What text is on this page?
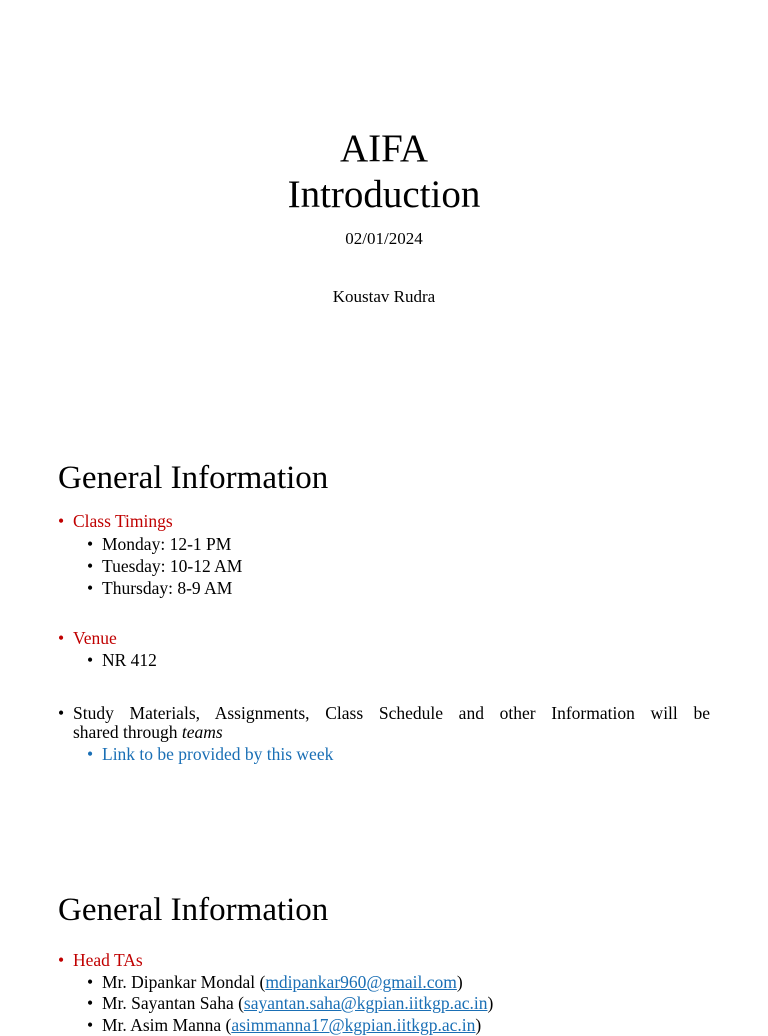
AIFA
Introduction
02/01/2024
Koustav Rudra
General Information
• Class Timings
• Monday: 12-1 PM
• Tuesday: 10-12 AM
• Thursday: 8-9 AM
• Venue
• NR 412
• Study Materials, Assignments, Class Schedule and other Information will be
shared through teams
• Link to be provided by this week
General Information
• Head TAs
• Mr. Dipankar Mondal (mdipankar960@gmail.com)
• Mr. Sayantan Saha (sayantan.saha@kgpian.iitkgp.ac.in)
• Mr. Asim Manna (asimmanna17@kgpian.iitkgp.ac.in)
